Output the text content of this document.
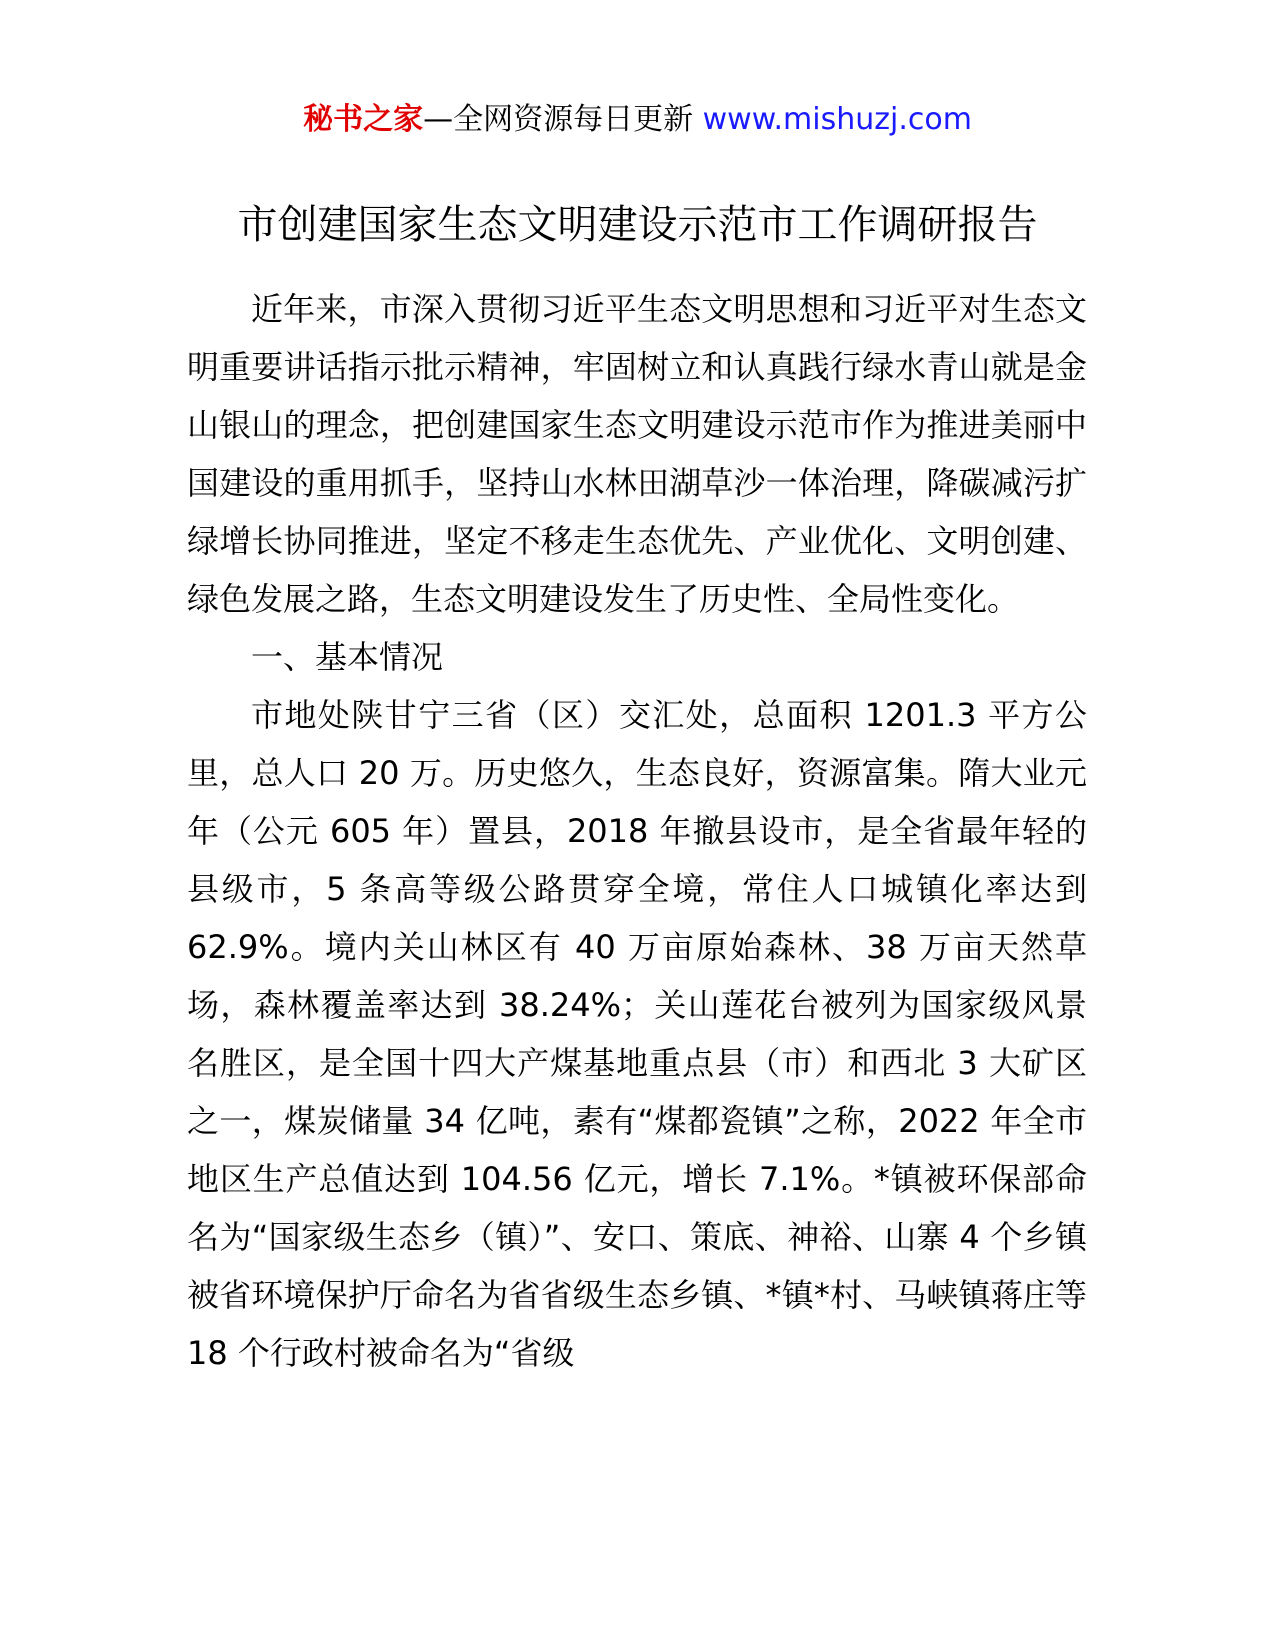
秘书之家—全网资源每日更新 www.mishuzj.com
市创建国家生态文明建设示范市工作调研报告

近年来，市深入贯彻习近平生态文明思想和习近平对生态文明重要讲话指示批示精神，牢固树立和认真践行绿水青山就是金山银山的理念，把创建国家生态文明建设示范市作为推进美丽中国建设的重用抓手，坚持山水林田湖草沙一体治理，降碳减污扩绿增长协同推进，坚定不移走生态优先、产业优化、文明创建、绿色发展之路，生态文明建设发生了历史性、全局性变化。

一、基本情况

市地处陕甘宁三省（区）交汇处，总面积 1201.3 平方公里，总人口 20 万。历史悠久，生态良好，资源富集。隋大业元年（公元 605 年）置县，2018 年撤县设市，是全省最年轻的县级市，5 条高等级公路贯穿全境，常住人口城镇化率达到 62.9%。境内关山林区有 40 万亩原始森林、38 万亩天然草场，森林覆盖率达到 38.24%；关山莲花台被列为国家级风景名胜区，是全国十四大产煤基地重点县（市）和西北 3 大矿区之一，煤炭储量 34 亿吨，素有“煤都瓷镇”之称，2022 年全市地区生产总值达到 104.56 亿元，增长 7.1%。*镇被环保部命名为“国家级生态乡（镇）”、安口、策底、神裕、山寨 4 个乡镇被省环境保护厅命名为省省级生态乡镇、*镇*村、马峡镇蒋庄等 18 个行政村被命名为“省级
